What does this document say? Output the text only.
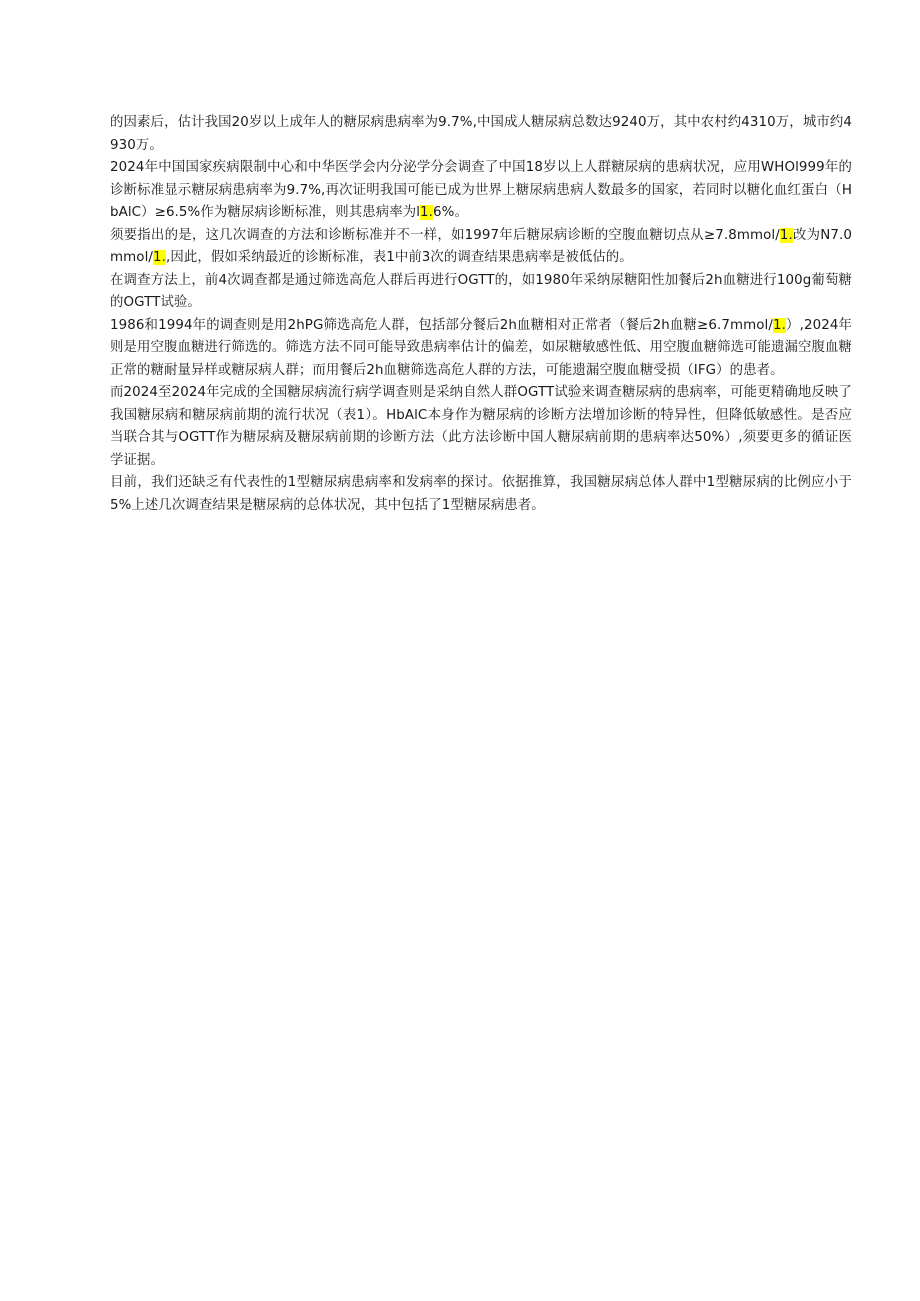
的因素后，估计我国20岁以上成年人的糖尿病患病率为9.7%,中国成人糖尿病总数达9240万，其中农村约4310万，城市约4930万。

2024年中国国家疾病限制中心和中华医学会内分泌学分会调查了中国18岁以上人群糖尿病的患病状况，应用WHOl999年的诊断标准显示糖尿病患病率为9.7%,再次证明我国可能已成为世界上糖尿病患病人数最多的国家，若同时以糖化血红蛋白（HbAlC）≥6.5%作为糖尿病诊断标准，则其患病率为l1.6%。

须要指出的是，这几次调查的方法和诊断标准并不一样，如1997年后糖尿病诊断的空腹血糖切点从≥7.8mmol∕1.改为N7.0mmol∕1.,因此，假如采纳最近的诊断标准，表1中前3次的调查结果患病率是被低估的。

在调查方法上，前4次调查都是通过筛选高危人群后再进行OGTT的，如1980年采纳尿糖阳性加餐后2h血糖进行100g葡萄糖的OGTT试验。

1986和1994年的调查则是用2hPG筛选高危人群，包括部分餐后2h血糖相对正常者（餐后2h血糖≥6.7mmol∕1.）,2024年则是用空腹血糖进行筛选的。筛选方法不同可能导致患病率估计的偏差，如尿糖敏感性低、用空腹血糖筛选可能遗漏空腹血糖正常的糖耐量异样或糖尿病人群；而用餐后2h血糖筛选高危人群的方法，可能遗漏空腹血糖受损（IFG）的患者。

而2024至2024年完成的全国糖尿病流行病学调查则是采纳自然人群OGTT试验来调查糖尿病的患病率，可能更精确地反映了我国糖尿病和糖尿病前期的流行状况（表1）。HbAlC本身作为糖尿病的诊断方法增加诊断的特异性，但降低敏感性。是否应当联合其与OGTT作为糖尿病及糖尿病前期的诊断方法（此方法诊断中国人糖尿病前期的患病率达50%）,须要更多的循证医学证据。

目前，我们还缺乏有代表性的1型糖尿病患病率和发病率的探讨。依据推算，我国糖尿病总体人群中1型糖尿病的比例应小于5%上述几次调查结果是糖尿病的总体状况，其中包括了1型糖尿病患者。
